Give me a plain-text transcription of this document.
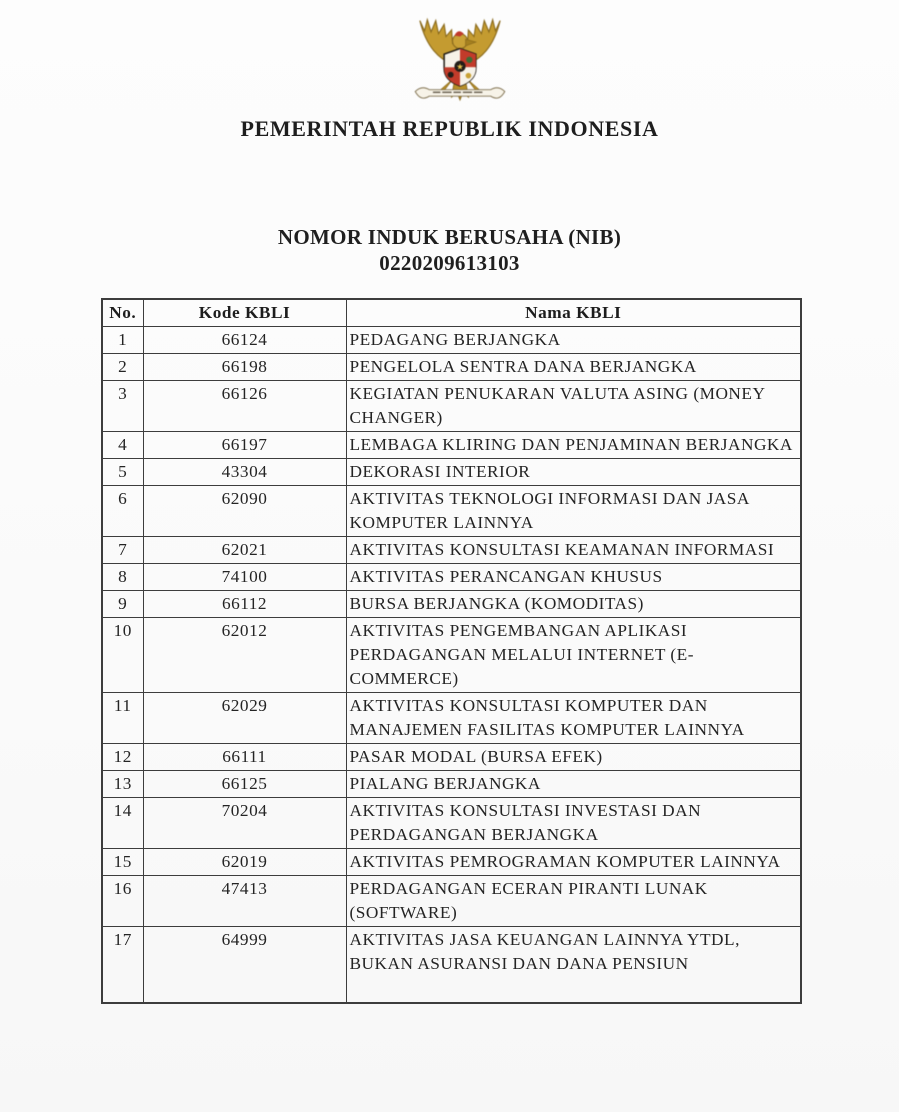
★
PEMERINTAH REPUBLIK INDONESIA
NOMOR INDUK BERUSAHA (NIB)
0220209613103
No.	Kode KBLI	Nama KBLI
1	66124	PEDAGANG BERJANGKA
2	66198	PENGELOLA SENTRA DANA BERJANGKA
3	66126	KEGIATAN PENUKARAN VALUTA ASING (MONEY CHANGER)
4	66197	LEMBAGA KLIRING DAN PENJAMINAN BERJANGKA
5	43304	DEKORASI INTERIOR
6	62090	AKTIVITAS TEKNOLOGI INFORMASI DAN JASA KOMPUTER LAINNYA
7	62021	AKTIVITAS KONSULTASI KEAMANAN INFORMASI
8	74100	AKTIVITAS PERANCANGAN KHUSUS
9	66112	BURSA BERJANGKA (KOMODITAS)
10	62012	AKTIVITAS PENGEMBANGAN APLIKASI PERDAGANGAN MELALUI INTERNET (E-COMMERCE)
11	62029	AKTIVITAS KONSULTASI KOMPUTER DAN MANAJEMEN FASILITAS KOMPUTER LAINNYA
12	66111	PASAR MODAL (BURSA EFEK)
13	66125	PIALANG BERJANGKA
14	70204	AKTIVITAS KONSULTASI INVESTASI DAN PERDAGANGAN BERJANGKA
15	62019	AKTIVITAS PEMROGRAMAN KOMPUTER LAINNYA
16	47413	PERDAGANGAN ECERAN PIRANTI LUNAK (SOFTWARE)
17	64999	AKTIVITAS JASA KEUANGAN LAINNYA YTDL, BUKAN ASURANSI DAN DANA PENSIUN
